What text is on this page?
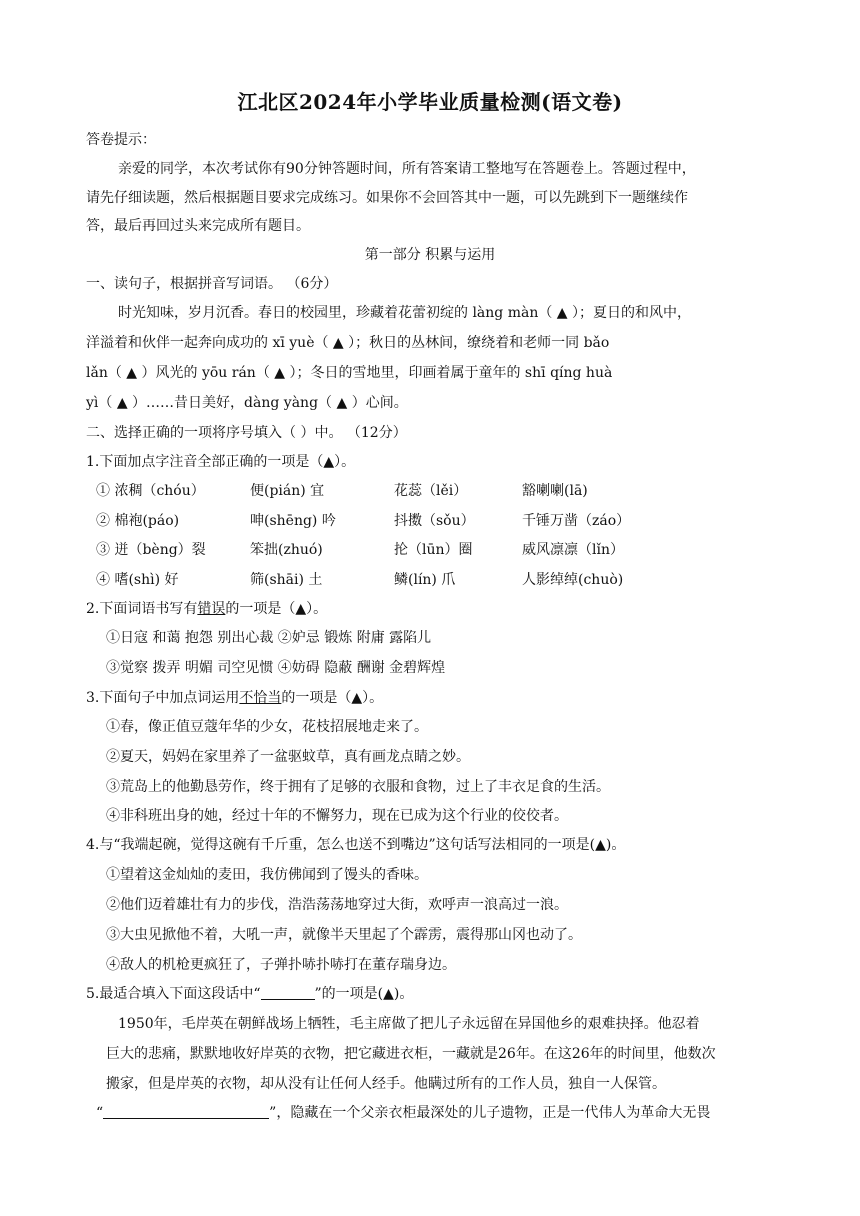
江北区2024年小学毕业质量检测(语文卷)
答卷提示：
亲爱的同学，本次考试你有90分钟答题时间，所有答案请工整地写在答题卷上。答题过程中，
请先仔细读题，然后根据题目要求完成练习。如果你不会回答其中一题，可以先跳到下一题继续作
答，最后再回过头来完成所有题目。
第一部分 积累与运用
一、读句子，根据拼音写词语。 （6分）
时光知味，岁月沉香。春日的校园里，珍藏着花蕾初绽的 làng màn（ ▲ ）；夏日的和风中，
洋溢着和伙伴一起奔向成功的 xī yuè（ ▲ ）；秋日的丛林间，缭绕着和老师一同 bǎo
lǎn（ ▲ ）风光的 yōu rán（ ▲ ）；冬日的雪地里，印画着属于童年的 shī qíng huà
yì（ ▲ ）……昔日美好，dàng yàng（ ▲ ）心间。
二、选择正确的一项将序号填入（ ）中。 （12分）
1.下面加点字注音全部正确的一项是（▲）。
① 浓稠（chóu）	便(pián) 宜	花蕊（lěi）	豁喇喇(lā)
② 棉袍(páo)	呻(shēng) 吟	抖擞（sǒu）	千锤万凿（záo）
③ 迸（bèng）裂	笨拙(zhuó)	抡（lūn）圈	威风凛凛（lǐn）
④ 嗜(shì) 好	筛(shāi) 土	鳞(lín) 爪	人影绰绰(chuò)
2.下面词语书写有错误的一项是（▲）。
①日寇 和蔼 抱怨 别出心裁 ②妒忌 锻炼 附庸 露陷儿
③觉察 拨弄 明媚 司空见惯 ④妨碍 隐蔽 酬谢 金碧辉煌
3.下面句子中加点词运用不恰当的一项是（▲）。
①春，像正值豆蔻年华的少女，花枝招展地走来了。
②夏天，妈妈在家里养了一盆驱蚊草，真有画龙点睛之妙。
③荒岛上的他勤恳劳作，终于拥有了足够的衣服和食物，过上了丰衣足食的生活。
④非科班出身的她，经过十年的不懈努力，现在已成为这个行业的佼佼者。
4.与“我端起碗，觉得这碗有千斤重，怎么也送不到嘴边”这句话写法相同的一项是(▲)。
①望着这金灿灿的麦田，我仿佛闻到了馒头的香味。
②他们迈着雄壮有力的步伐，浩浩荡荡地穿过大街，欢呼声一浪高过一浪。
③大虫见掀他不着，大吼一声，就像半天里起了个霹雳，震得那山冈也动了。
④敌人的机枪更疯狂了，子弹扑哧扑哧打在董存瑞身边。
5.最适合填入下面这段话中“	”的一项是(▲)。
1950年，毛岸英在朝鲜战场上牺牲，毛主席做了把儿子永远留在异国他乡的艰难抉择。他忍着
巨大的悲痛，默默地收好岸英的衣物，把它藏进衣柜，一藏就是26年。在这26年的时间里，他数次
搬家，但是岸英的衣物，却从没有让任何人经手。他瞒过所有的工作人员，独自一人保管。
“	”，隐藏在一个父亲衣柜最深处的儿子遗物，正是一代伟人为革命大无畏
